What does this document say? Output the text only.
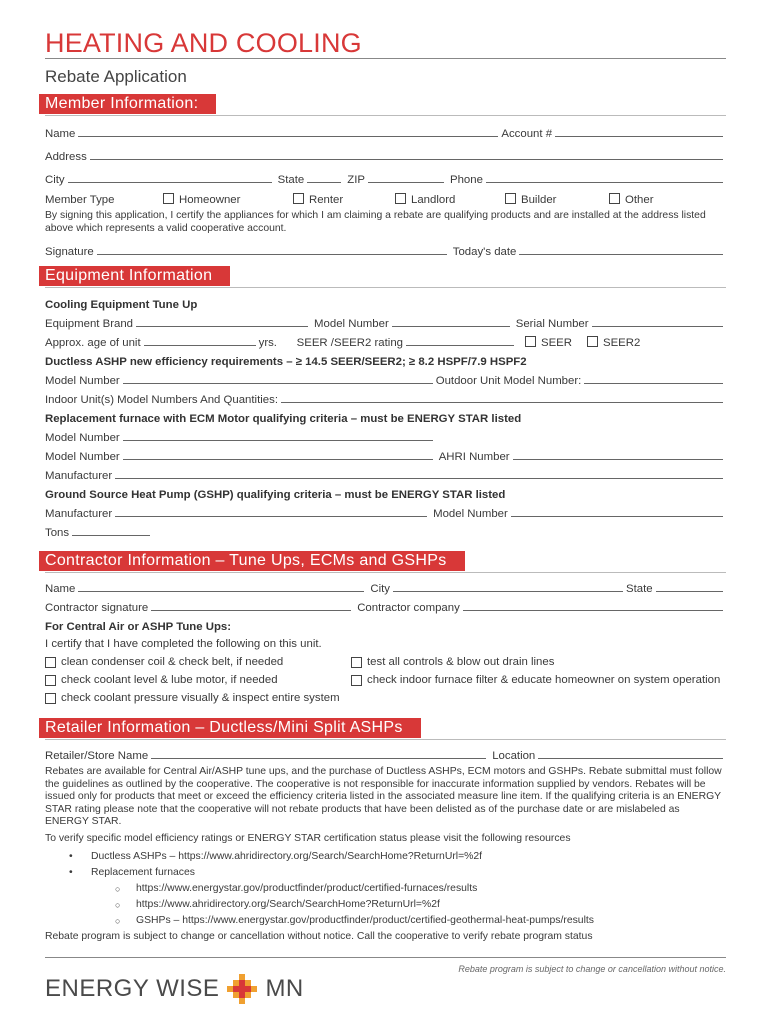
HEATING AND COOLING
Rebate Application
Member Information:
Name	Account #
Address
City	State	ZIP	Phone
Member Type	Homeowner	Renter	Landlord	Builder	Other
By signing this application, I certify the appliances for which I am claiming a rebate are qualifying products and are installed at the address listed above which represents a valid cooperative account.
Signature	Today's date
Equipment Information
Cooling Equipment Tune Up
Equipment Brand	Model Number	Serial Number
Approx. age of unit	yrs.	SEER /SEER2 rating	SEER	SEER2
Ductless ASHP new efficiency requirements – ≥ 14.5 SEER/SEER2; ≥ 8.2 HSPF/7.9 HSPF2
Model Number	Outdoor Unit Model Number:
Indoor Unit(s) Model Numbers And Quantities:
Replacement furnace with ECM Motor qualifying criteria – must be ENERGY STAR listed
Model Number
Model Number	AHRI Number
Manufacturer
Ground Source Heat Pump (GSHP) qualifying criteria – must be ENERGY STAR listed
Manufacturer	Model Number
Tons
Contractor Information – Tune Ups, ECMs and GSHPs
Name	City	State
Contractor signature	Contractor company
For Central Air or ASHP Tune Ups:
I certify that I have completed the following on this unit.
clean condenser coil & check belt, if needed
check coolant level & lube motor, if needed
check coolant pressure visually & inspect entire system
test all controls & blow out drain lines
check indoor furnace filter & educate homeowner on system operation
Retailer Information – Ductless/Mini Split ASHPs
Retailer/Store Name	Location
Rebates are available for Central Air/ASHP tune ups, and the purchase of Ductless ASHPs, ECM motors and GSHPs. Rebate submittal must follow the guidelines as outlined by the cooperative. The cooperative is not responsible for inaccurate information supplied by vendors. Rebates will be issued only for products that meet or exceed the efficiency criteria listed in the associated measure line item. If the qualifying criteria is an ENERGY STAR rating please note that the cooperative will not rebate products that have been delisted as of the purchase date or are mislabeled as ENERGY STAR.
To verify specific model efficiency ratings or ENERGY STAR certification status please visit the following resources
• Ductless ASHPs – https://www.ahridirectory.org/Search/SearchHome?ReturnUrl=%2f
• Replacement furnaces
○ https://www.energystar.gov/productfinder/product/certified-furnaces/results
○ https://www.ahridirectory.org/Search/SearchHome?ReturnUrl=%2f
○ GSHPs – https://www.energystar.gov/productfinder/product/certified-geothermal-heat-pumps/results
Rebate program is subject to change or cancellation without notice. Call the cooperative to verify rebate program status
Rebate program is subject to change or cancellation without notice.
ENERGY WISE MN
